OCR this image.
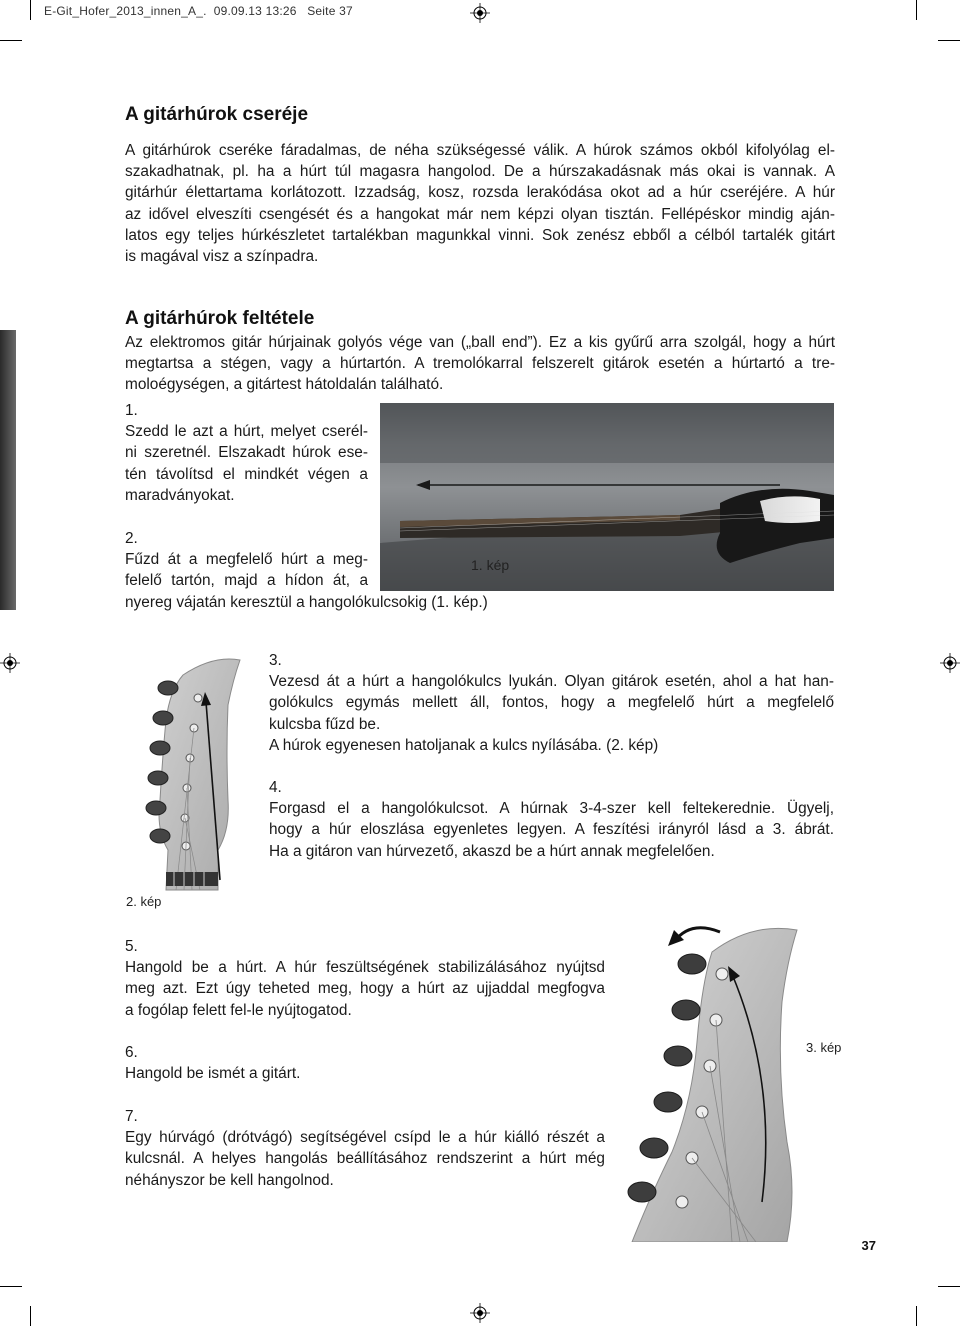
E-Git_Hofer_2013_innen_A_. 09.09.13 13:26 Seite 37
A gitárhúrok cseréje
A gitárhúrok cseréke fáradalmas, de néha szükségessé válik. A húrok számos okból kifolyólag el-
szakadhatnak, pl. ha a húrt túl magasra hangolod. De a húrszakadásnak más okai is vannak. A
gitárhúr élettartama korlátozott. Izzadság, kosz, rozsda lerakódása okot ad a húr cseréjére. A húr
az idővel elveszíti csengését és a hangokat már nem képzi olyan tisztán. Fellépéskor mindig aján-
latos egy teljes húrkészletet tartalékban magunkkal vinni. Sok zenész ebből a célból tartalék gitárt
is magával visz a színpadra.
A gitárhúrok feltétele
Az elektromos gitár húrjainak golyós vége van („ball end”). Ez a kis gyűrű arra szolgál, hogy a húrt
megtartsa a stégen, vagy a húrtartón. A tremolókarral felszerelt gitárok esetén a húrtartó a tre-
moloégységen, a gitártest hátoldalán található.
1.
Szedd le azt a húrt, melyet cserél-
ni szeretnél. Elszakadt húrok ese-
tén távolítsd el mindkét végen a
maradványokat.
1. kép
2.
Fűzd át a megfelelő húrt a meg-
felelő tartón, majd a hídon át, a
nyereg vájatán keresztül a hangolókulcsokig (1. kép.)
2. kép
3.
Vezesd át a húrt a hangolókulcs lyukán. Olyan gitárok esetén, ahol a hat han-
golókulcs egymás mellett áll, fontos, hogy a megfelelő húrt a megfelelő
kulcsba fűzd be.
A húrok egyenesen hatoljanak a kulcs nyílásába. (2. kép)
4.
Forgasd el a hangolókulcsot. A húrnak 3-4-szer kell feltekerednie. Ügyelj,
hogy a húr eloszlása egyenletes legyen. A feszítési irányról lásd a 3. ábrát.
Ha a gitáron van húrvezető, akaszd be a húrt annak megfelelően.
5.
Hangold be a húrt. A húr feszültségének stabilizálásához nyújtsd
meg azt. Ezt úgy teheted meg, hogy a húrt az ujjaddal megfogva
a fogólap felett fel-le nyújtogatod.
6.
Hangold be ismét a gitárt.
7.
Egy húrvágó (drótvágó) segítségével csípd le a húr kiálló részét a
kulcsnál. A helyes hangolás beállításához rendszerint a húrt még
néhányszor be kell hangolnod.
3. kép
37
